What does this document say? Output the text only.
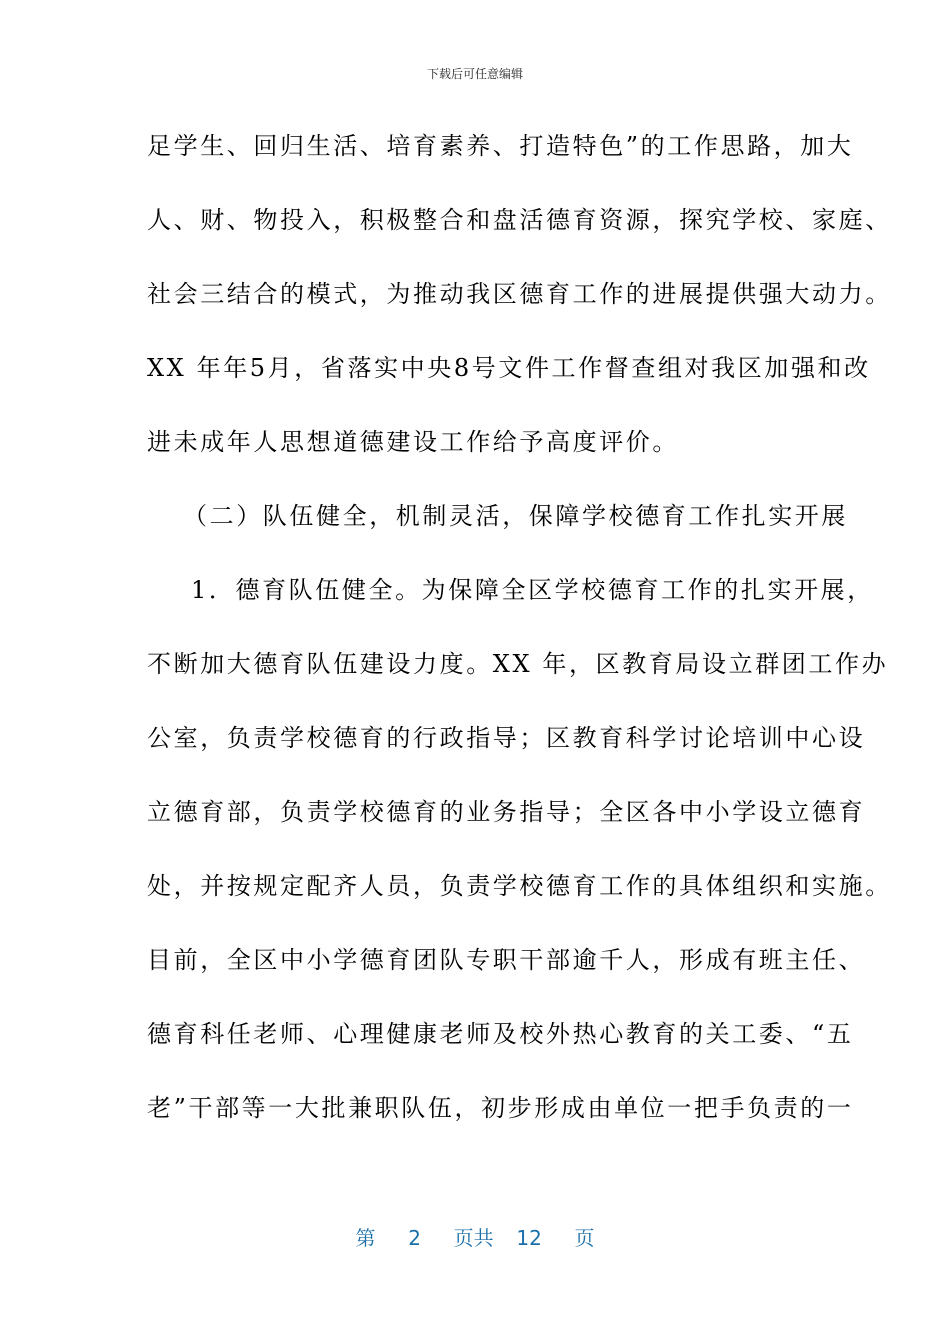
下载后可任意编辑
足学生、回归生活、培育素养、打造特色”的工作思路，加大
人、财、物投入，积极整合和盘活德育资源，探究学校、家庭、
社会三结合的模式，为推动我区德育工作的进展提供强大动力。
XX 年年5月，省落实中央8号文件工作督查组对我区加强和改
进未成年人思想道德建设工作给予高度评价。
（二）队伍健全，机制灵活，保障学校德育工作扎实开展
1．德育队伍健全。为保障全区学校德育工作的扎实开展，
不断加大德育队伍建设力度。XX 年，区教育局设立群团工作办
公室，负责学校德育的行政指导；区教育科学讨论培训中心设
立德育部，负责学校德育的业务指导；全区各中小学设立德育
处，并按规定配齐人员，负责学校德育工作的具体组织和实施。
目前，全区中小学德育团队专职干部逾千人，形成有班主任、
德育科任老师、心理健康老师及校外热心教育的关工委、“五
老”干部等一大批兼职队伍，初步形成由单位一把手负责的一
第 2 页共 12 页
